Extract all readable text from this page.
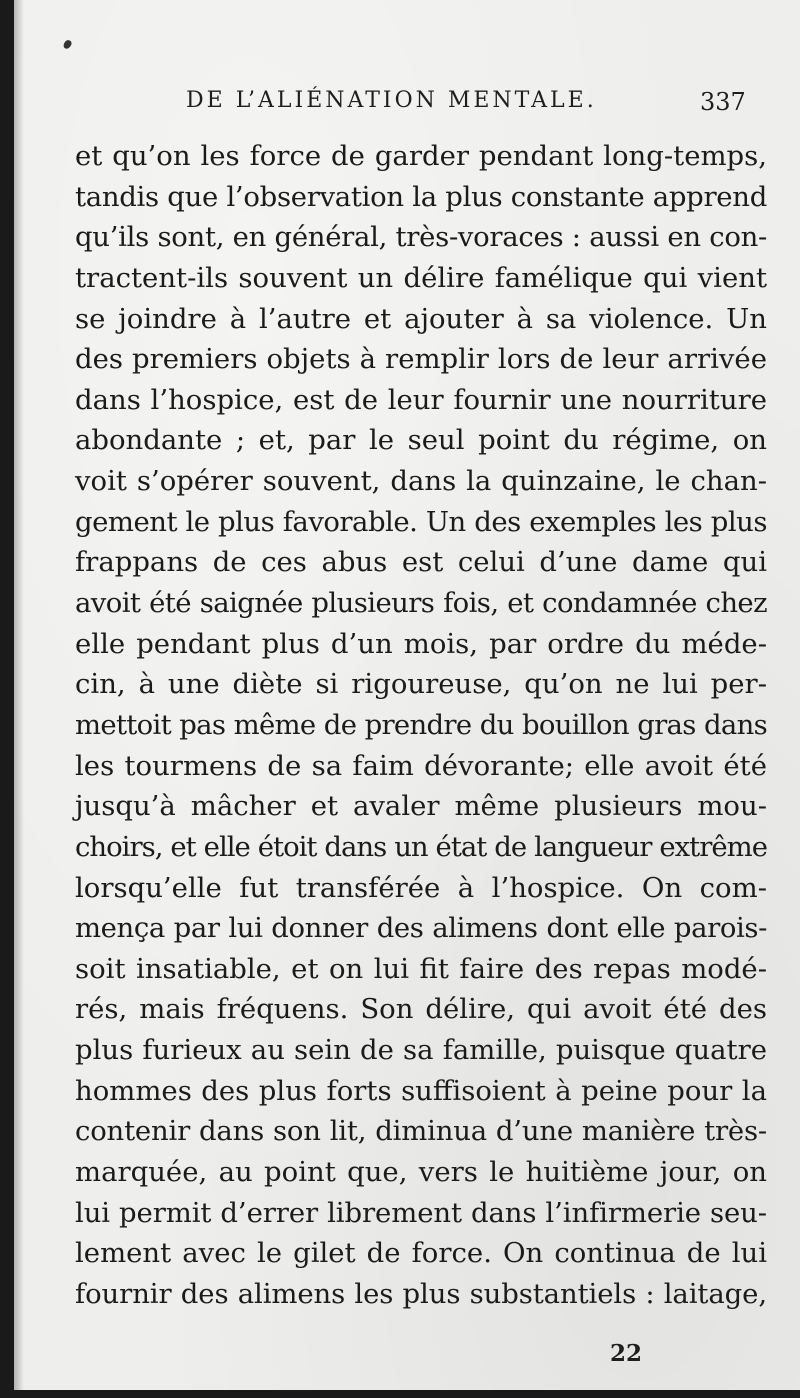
DE L’ALIÉNATION MENTALE.	337
et qu’on les force de garder pendant long-temps,
tandis que l’observation la plus constante apprend
qu’ils sont, en général, très-voraces : aussi en con-
tractent-ils souvent un délire famélique qui vient
se joindre à l’autre et ajouter à sa violence. Un
des premiers objets à remplir lors de leur arrivée
dans l’hospice, est de leur fournir une nourriture
abondante ; et, par le seul point du régime, on
voit s’opérer souvent, dans la quinzaine, le chan-
gement le plus favorable. Un des exemples les plus
frappans de ces abus est celui d’une dame qui
avoit été saignée plusieurs fois, et condamnée chez
elle pendant plus d’un mois, par ordre du méde-
cin, à une diète si rigoureuse, qu’on ne lui per-
mettoit pas même de prendre du bouillon gras dans
les tourmens de sa faim dévorante; elle avoit été
jusqu’à mâcher et avaler même plusieurs mou-
choirs, et elle étoit dans un état de langueur extrême
lorsqu’elle fut transférée à l’hospice. On com-
mença par lui donner des alimens dont elle parois-
soit insatiable, et on lui fit faire des repas modé-
rés, mais fréquens. Son délire, qui avoit été des
plus furieux au sein de sa famille, puisque quatre
hommes des plus forts suffisoient à peine pour la
contenir dans son lit, diminua d’une manière très-
marquée, au point que, vers le huitième jour, on
lui permit d’errer librement dans l’infirmerie seu-
lement avec le gilet de force. On continua de lui
fournir des alimens les plus substantiels : laitage,
22
